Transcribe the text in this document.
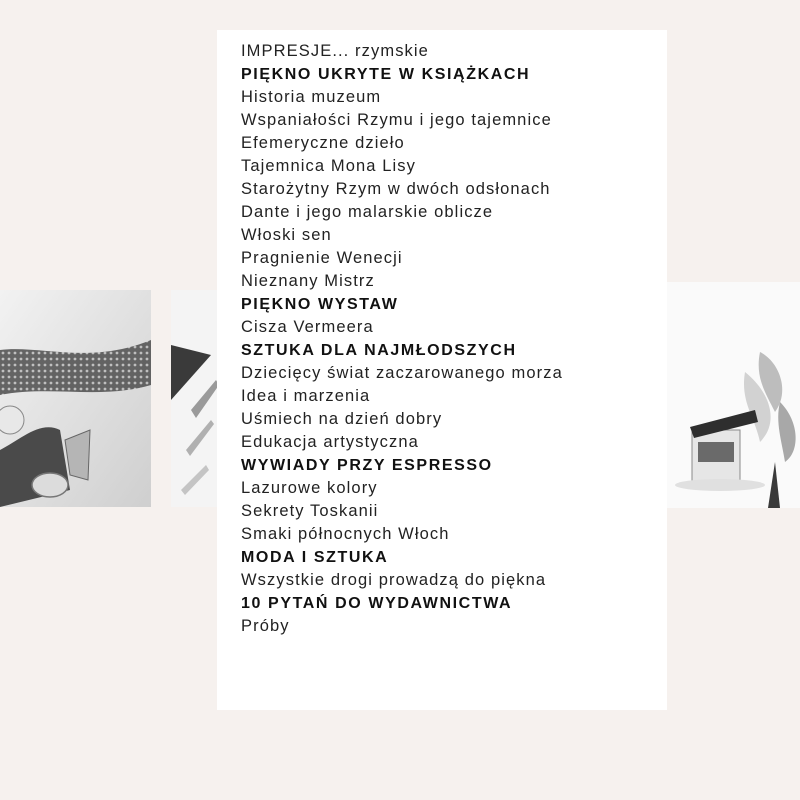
IMPRESJE... rzymskie
PIĘKNO UKRYTE W KSIĄŻKACH
Historia muzeum
Wspaniałości Rzymu i jego tajemnice
Efemeryczne dzieło
Tajemnica Mona Lisy
Starożytny Rzym w dwóch odsłonach
Dante i jego malarskie oblicze
Włoski sen
Pragnienie Wenecji
Nieznany Mistrz
PIĘKNO WYSTAW
Cisza Vermeera
SZTUKA DLA NAJMŁODSZYCH
Dziecięcy świat zaczarowanego morza
Idea i marzenia
Uśmiech na dzień dobry
Edukacja artystyczna
WYWIADY PRZY ESPRESSO
Lazurowe kolory
Sekrety Toskanii
Smaki północnych Włoch
MODA I SZTUKA
Wszystkie drogi prowadzą do piękna
10 PYTAŃ DO WYDAWNICTWA
Próby
